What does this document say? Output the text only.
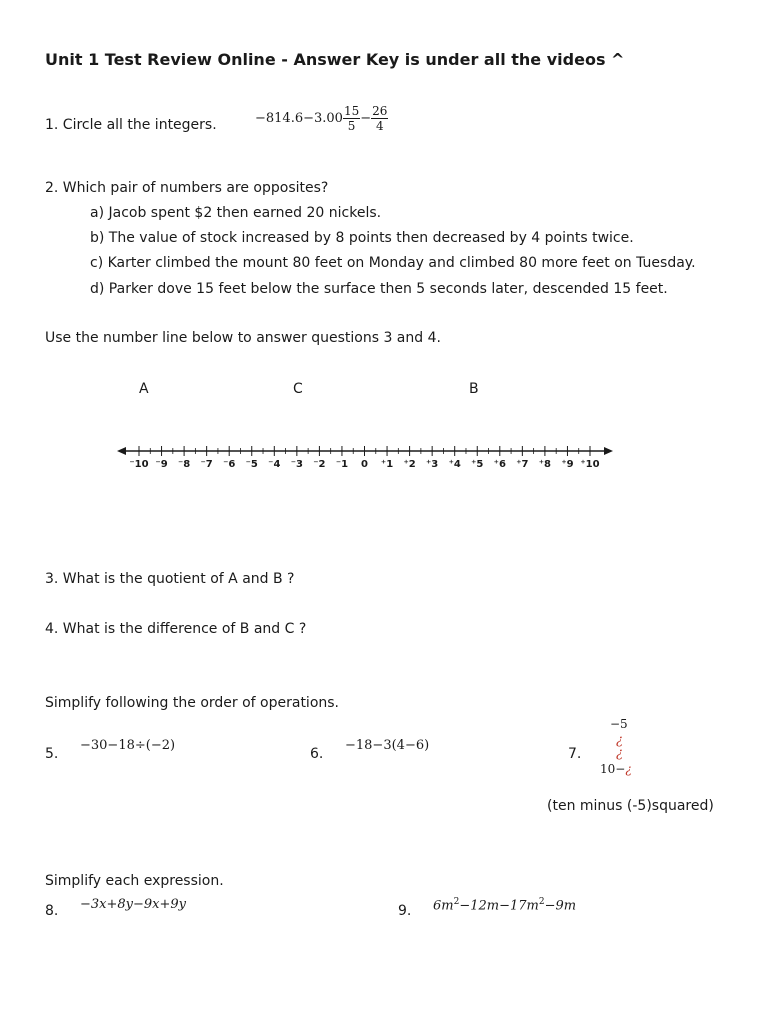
Unit 1 Test Review Online - Answer Key is under all the videos ^
1. Circle all the integers.	$-814.6-3.00 \frac{15}{5} - \frac{26}{4}$
2. Which pair of numbers are opposites?
a) Jacob spent $2 then earned 20 nickels.
b) The value of stock increased by 8 points then decreased by 4 points twice.
c) Karter climbed the mount 80 feet on Monday and climbed 80 more feet on Tuesday.
d) Parker dove 15 feet below the surface then 5 seconds later, descended 15 feet.
Use the number line below to answer questions 3 and 4.
A	C	B
⁻10 ⁻9 ⁻8 ⁻7 ⁻6 ⁻5 ⁻4 ⁻3 ⁻2 ⁻1 0 ⁺1 ⁺2 ⁺3 ⁺4 ⁺5 ⁺6 ⁺7 ⁺8 ⁺9 ⁺10
3. What is the quotient of A and B ?
4. What is the difference of B and C ?
Simplify following the order of operations.
5.
−30−18÷(−2)
6.
−18−3(4−6)
7.
−5
¿
¿
10−¿
(ten minus (-5)squared)
Simplify each expression.
8. −3x+8y−9x+9y	9. $6m^2-12m-17m^2-9m$
